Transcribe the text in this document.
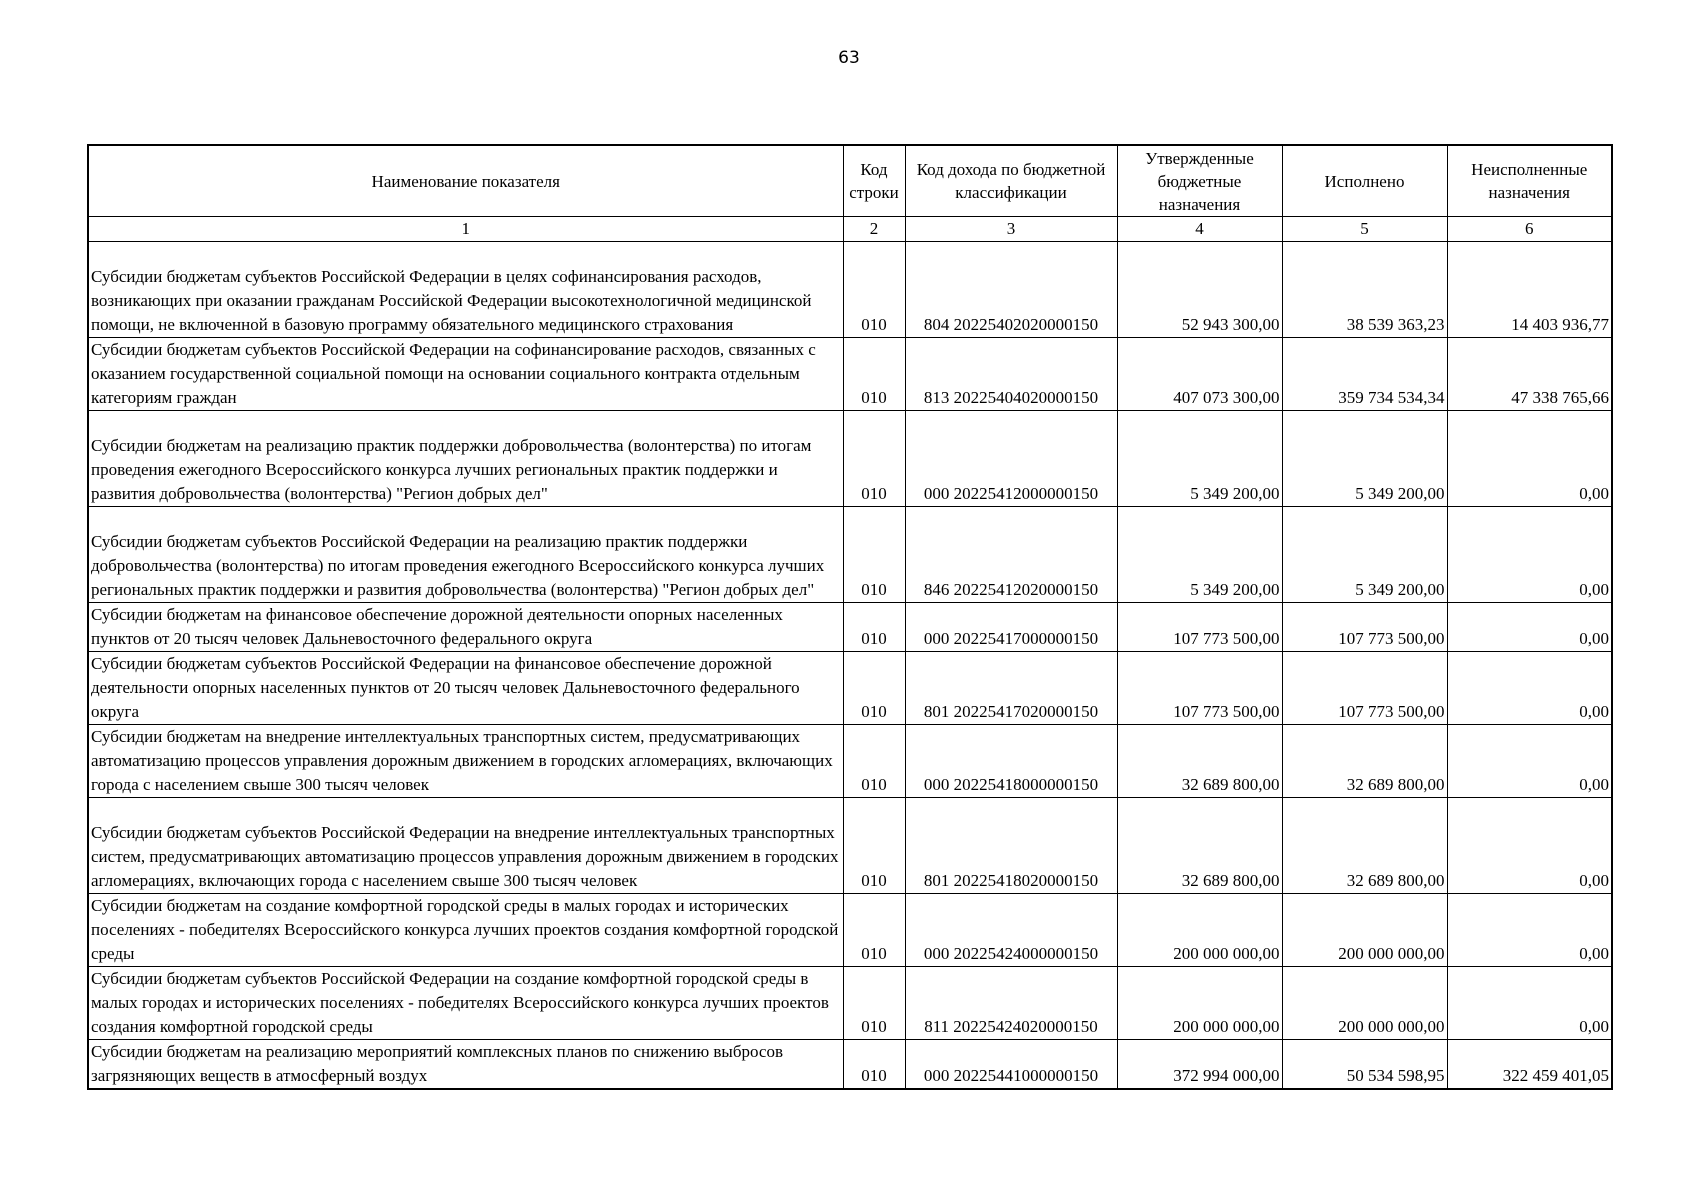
63
Наименование показателя	Код строки	Код дохода по бюджетной классификации	Утвержденные бюджетные назначения	Исполнено	Неисполненные назначения
1	2	3	4	5	6
Субсидии бюджетам субъектов Российской Федерации в целях софинансирования расходов, возникающих при оказании гражданам Российской Федерации высокотехнологичной медицинской помощи, не включенной в базовую программу обязательного медицинского страхования	010	804 20225402020000150	52 943 300,00	38 539 363,23	14 403 936,77
Субсидии бюджетам субъектов Российской Федерации на софинансирование расходов, связанных с оказанием государственной социальной помощи на основании социального контракта отдельным категориям граждан	010	813 20225404020000150	407 073 300,00	359 734 534,34	47 338 765,66
Субсидии бюджетам на реализацию практик поддержки добровольчества (волонтерства) по итогам проведения ежегодного Всероссийского конкурса лучших региональных практик поддержки и развития добровольчества (волонтерства) "Регион добрых дел"	010	000 20225412000000150	5 349 200,00	5 349 200,00	0,00
Субсидии бюджетам субъектов Российской Федерации на реализацию практик поддержки добровольчества (волонтерства) по итогам проведения ежегодного Всероссийского конкурса лучших региональных практик поддержки и развития добровольчества (волонтерства) "Регион добрых дел"	010	846 20225412020000150	5 349 200,00	5 349 200,00	0,00
Субсидии бюджетам на финансовое обеспечение дорожной деятельности опорных населенных пунктов от 20 тысяч человек Дальневосточного федерального округа	010	000 20225417000000150	107 773 500,00	107 773 500,00	0,00
Субсидии бюджетам субъектов Российской Федерации на финансовое обеспечение дорожной деятельности опорных населенных пунктов от 20 тысяч человек Дальневосточного федерального округа	010	801 20225417020000150	107 773 500,00	107 773 500,00	0,00
Субсидии бюджетам на внедрение интеллектуальных транспортных систем, предусматривающих автоматизацию процессов управления дорожным движением в городских агломерациях, включающих города с населением свыше 300 тысяч человек	010	000 20225418000000150	32 689 800,00	32 689 800,00	0,00
Субсидии бюджетам субъектов Российской Федерации на внедрение интеллектуальных транспортных систем, предусматривающих автоматизацию процессов управления дорожным движением в городских агломерациях, включающих города с населением свыше 300 тысяч человек	010	801 20225418020000150	32 689 800,00	32 689 800,00	0,00
Субсидии бюджетам на создание комфортной городской среды в малых городах и исторических поселениях - победителях Всероссийского конкурса лучших проектов создания комфортной городской среды	010	000 20225424000000150	200 000 000,00	200 000 000,00	0,00
Субсидии бюджетам субъектов Российской Федерации на создание комфортной городской среды в малых городах и исторических поселениях - победителях Всероссийского конкурса лучших проектов создания комфортной городской среды	010	811 20225424020000150	200 000 000,00	200 000 000,00	0,00
Субсидии бюджетам на реализацию мероприятий комплексных планов по снижению выбросов загрязняющих веществ в атмосферный воздух	010	000 20225441000000150	372 994 000,00	50 534 598,95	322 459 401,05
